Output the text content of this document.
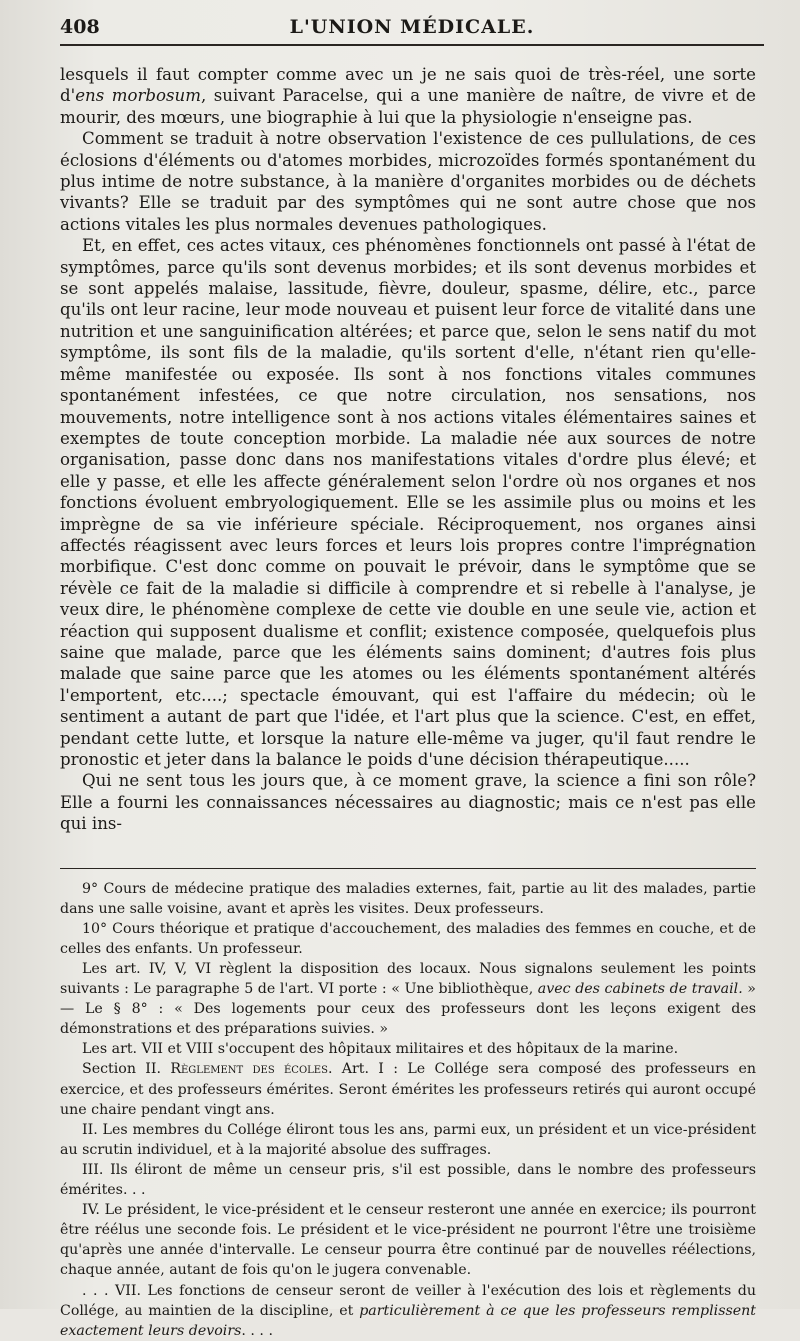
408	L'UNION MÉDICALE.

lesquels il faut compter comme avec un je ne sais quoi de très-réel, une sorte d'ens morbosum, suivant Paracelse, qui a une manière de naître, de vivre et de mourir, des mœurs, une biographie à lui que la physiologie n'enseigne pas.

Comment se traduit à notre observation l'existence de ces pullulations, de ces éclosions d'éléments ou d'atomes morbides, microzoïdes formés spontanément du plus intime de notre substance, à la manière d'organites morbides ou de déchets vivants? Elle se traduit par des symptômes qui ne sont autre chose que nos actions vitales les plus normales devenues pathologiques.

Et, en effet, ces actes vitaux, ces phénomènes fonctionnels ont passé à l'état de symptômes, parce qu'ils sont devenus morbides; et ils sont devenus morbides et se sont appelés malaise, lassitude, fièvre, douleur, spasme, délire, etc., parce qu'ils ont leur racine, leur mode nouveau et puisent leur force de vitalité dans une nutrition et une sanguinification altérées; et parce que, selon le sens natif du mot symptôme, ils sont fils de la maladie, qu'ils sortent d'elle, n'étant rien qu'elle-même manifestée ou exposée. Ils sont à nos fonctions vitales communes spontanément infestées, ce que notre circulation, nos sensations, nos mouvements, notre intelligence sont à nos actions vitales élémentaires saines et exemptes de toute conception morbide. La maladie née aux sources de notre organisation, passe donc dans nos manifestations vitales d'ordre plus élevé; et elle y passe, et elle les affecte généralement selon l'ordre où nos organes et nos fonctions évoluent embryologiquement. Elle se les assimile plus ou moins et les imprègne de sa vie inférieure spéciale. Réciproquement, nos organes ainsi affectés réagissent avec leurs forces et leurs lois propres contre l'imprégnation morbifique. C'est donc comme on pouvait le prévoir, dans le symptôme que se révèle ce fait de la maladie si difficile à comprendre et si rebelle à l'analyse, je veux dire, le phénomène complexe de cette vie double en une seule vie, action et réaction qui supposent dualisme et conflit; existence composée, quelquefois plus saine que malade, parce que les éléments sains dominent; d'autres fois plus malade que saine parce que les atomes ou les éléments spontanément altérés l'emportent, etc....; spectacle émouvant, qui est l'affaire du médecin; où le sentiment a autant de part que l'idée, et l'art plus que la science. C'est, en effet, pendant cette lutte, et lorsque la nature elle-même va juger, qu'il faut rendre le pronostic et jeter dans la balance le poids d'une décision thérapeutique.....

Qui ne sent tous les jours que, à ce moment grave, la science a fini son rôle? Elle a fourni les connaissances nécessaires au diagnostic; mais ce n'est pas elle qui ins-

9° Cours de médecine pratique des maladies externes, fait, partie au lit des malades, partie dans une salle voisine, avant et après les visites. Deux professeurs.

10° Cours théorique et pratique d'accouchement, des maladies des femmes en couche, et de celles des enfants. Un professeur.

Les art. IV, V, VI règlent la disposition des locaux. Nous signalons seulement les points suivants : Le paragraphe 5 de l'art. VI porte : « Une bibliothèque, avec des cabinets de travail. » — Le § 8° : « Des logements pour ceux des professeurs dont les leçons exigent des démonstrations et des préparations suivies. »

Les art. VII et VIII s'occupent des hôpitaux militaires et des hôpitaux de la marine.

Section II. Règlement des écoles. Art. I : Le Collége sera composé des professeurs en exercice, et des professeurs émérites. Seront émérites les professeurs retirés qui auront occupé une chaire pendant vingt ans.

II. Les membres du Collége éliront tous les ans, parmi eux, un président et un vice-président au scrutin individuel, et à la majorité absolue des suffrages.

III. Ils éliront de même un censeur pris, s'il est possible, dans le nombre des professeurs émérites. . .

IV. Le président, le vice-président et le censeur resteront une année en exercice; ils pourront être réélus une seconde fois. Le président et le vice-président ne pourront l'être une troisième qu'après une année d'intervalle. Le censeur pourra être continué par de nouvelles réélections, chaque année, autant de fois qu'on le jugera convenable.

. . . VII. Les fonctions de censeur seront de veiller à l'exécution des lois et règlements du Collége, au maintien de la discipline, et particulièrement à ce que les professeurs remplissent exactement leurs devoirs. . . .
